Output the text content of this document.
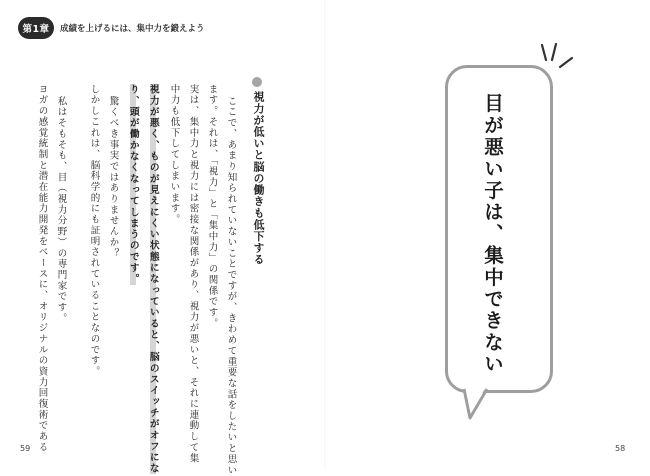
第1章	成績を上げるには、集中力を鍛えよう
視力が低いと脳の働きも低下する
ここで、あまり知られていないことですが、きわめて重要な話をしたいと思い
ます。それは、「視力」と「集中力」の関係です。
実は、集中力と視力には密接な関係があり、視力が悪いと、それに連動して集
中力も低下してしまいます。
視力が悪く、ものが見えにくい状態になっていると、脳のスイッチがオフにな
り、頭が働かなくなってしまうのです。
驚くべき事実ではありませんか？
しかしこれは、脳科学的にも証明されていることなのです。
私はそもそも、目（視力分野）の専門家です。
ヨガの感覚統制と潜在能力開発をベースに、オリジナルの資力回復術である
59
目が悪い子は、集中できない
58
